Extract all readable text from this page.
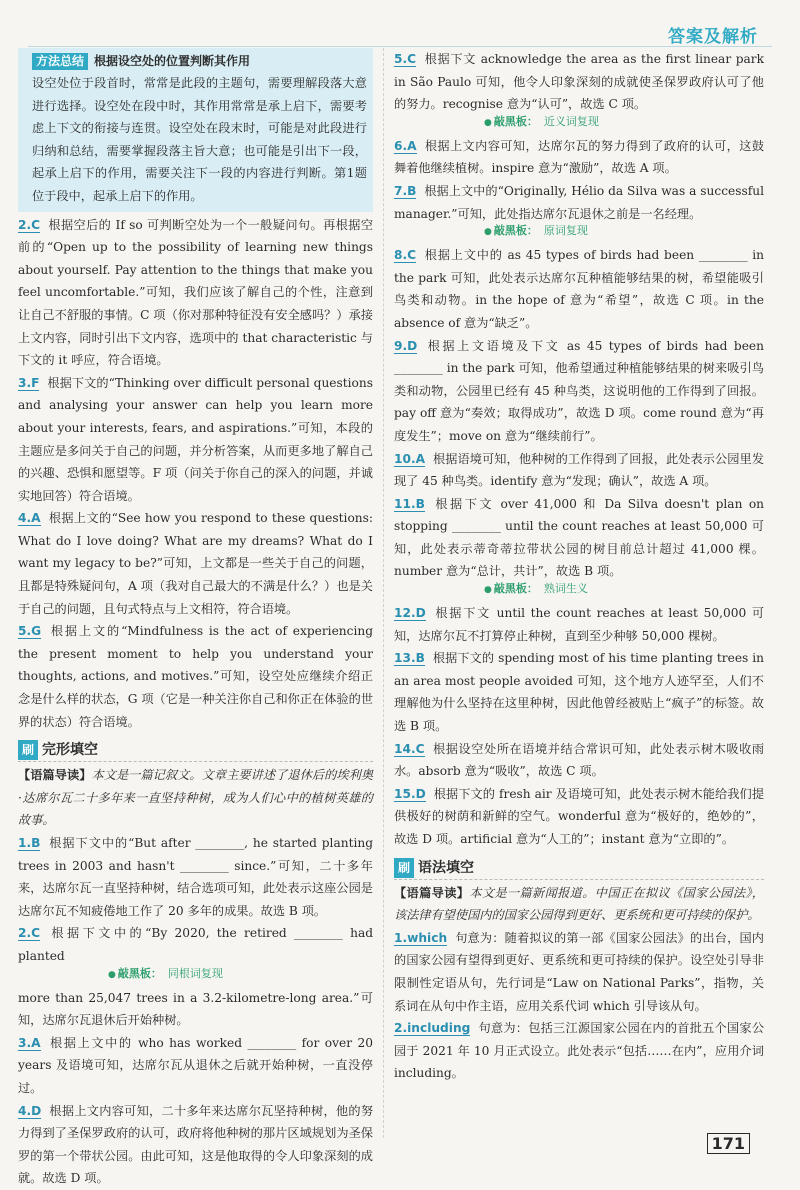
答案及解析
方法总结 根据设空处的位置判断其作用

设空处位于段首时，常常是此段的主题句，需要理解段落大意进行选择。设空处在段中时，其作用常常是承上启下，需要考虑上下文的衔接与连贯。设空处在段末时，可能是对此段进行归纳和总结，需要掌握段落主旨大意；也可能是引出下一段，起承上启下的作用，需要关注下一段的内容进行判断。第1题位于段中，起承上启下的作用。

2.C 根据空后的 If so 可判断空处为一个一般疑问句。再根据空前的“Open up to the possibility of learning new things about yourself. Pay attention to the things that make you feel uncomfortable.”可知，我们应该了解自己的个性，注意到让自己不舒服的事情。C 项（你对那种特征没有安全感吗？）承接上文内容，同时引出下文内容，选项中的 that characteristic 与下文的 it 呼应，符合语境。

3.F 根据下文的“Thinking over difficult personal questions and analysing your answer can help you learn more about your interests, fears, and aspirations.”可知，本段的主题应是多问关于自己的问题，并分析答案，从而更多地了解自己的兴趣、恐惧和愿望等。F 项（问关于你自己的深入的问题，并诚实地回答）符合语境。

4.A 根据上文的“See how you respond to these questions: What do I love doing? What are my dreams? What do I want my legacy to be?”可知，上文都是一些关于自己的问题，且都是特殊疑问句，A 项（我对自己最大的不满是什么？）也是关于自己的问题，且句式特点与上文相符，符合语境。

5.G 根据上文的“Mindfulness is the act of experiencing the present moment to help you understand your thoughts, actions, and motives.”可知，设空处应继续介绍正念是什么样的状态，G 项（它是一种关注你自己和你正在体验的世界的状态）符合语境。

刷 完形填空

【语篇导读】本文是一篇记叙文。文章主要讲述了退休后的埃利奥·达席尔瓦二十多年来一直坚持种树，成为人们心中的植树英雄的故事。

1.B 根据下文中的“But after ________, he started planting trees in 2003 and hasn't ________ since.”可知，二十多年来，达席尔瓦一直坚持种树，结合选项可知，此处表示这座公园是达席尔瓦不知疲倦地工作了 20 多年的成果。故选 B 项。

2.C 根据下文中的“By 2020, the retired ________ had planted

● 敲黑板： 同根词复现

more than 25,047 trees in a 3.2-kilometre-long area.”可知，达席尔瓦退休后开始种树。

3.A 根据上文中的 who has worked ________ for over 20 years 及语境可知，达席尔瓦从退休之后就开始种树，一直没停过。

4.D 根据上文内容可知，二十多年来达席尔瓦坚持种树，他的努力得到了圣保罗政府的认可，政府将他种树的那片区域规划为圣保罗的第一个带状公园。由此可知，这是他取得的令人印象深刻的成就。故选 D 项。

5.C 根据下文 acknowledge the area as the first linear park in São Paulo 可知，他令人印象深刻的成就使圣保罗政府认可了他的努力。recognise 意为“认可”，故选 C 项。

● 敲黑板： 近义词复现

6.A 根据上文内容可知，达席尔瓦的努力得到了政府的认可，这鼓舞着他继续植树。inspire 意为“激励”，故选 A 项。

7.B 根据上文中的“Originally, Hélio da Silva was a successful manager.”可知，此处指达席尔瓦退休之前是一名经理。

● 敲黑板： 原词复现

8.C 根据上文中的 as 45 types of birds had been ________ in the park 可知，此处表示达席尔瓦种植能够结果的树，希望能吸引鸟类和动物。in the hope of 意为“希望”，故选 C 项。in the absence of 意为“缺乏”。

9.D 根据上文语境及下文 as 45 types of birds had been ________ in the park 可知，他希望通过种植能够结果的树来吸引鸟类和动物，公园里已经有 45 种鸟类，这说明他的工作得到了回报。pay off 意为“奏效；取得成功”，故选 D 项。come round 意为“再度发生”；move on 意为“继续前行”。

10.A 根据语境可知，他种树的工作得到了回报，此处表示公园里发现了 45 种鸟类。identify 意为“发现；确认”，故选 A 项。

11.B 根据下文 over 41,000 和 Da Silva doesn't plan on stopping ________ until the count reaches at least 50,000 可知，此处表示蒂奇蒂拉带状公园的树目前总计超过 41,000 棵。number 意为“总计，共计”，故选 B 项。

● 敲黑板： 熟词生义

12.D 根据下文 until the count reaches at least 50,000 可知，达席尔瓦不打算停止种树，直到至少种够 50,000 棵树。

13.B 根据下文的 spending most of his time planting trees in an area most people avoided 可知，这个地方人迹罕至，人们不理解他为什么坚持在这里种树，因此他曾经被贴上“疯子”的标签。故选 B 项。

14.C 根据设空处所在语境并结合常识可知，此处表示树木吸收雨水。absorb 意为“吸收”，故选 C 项。

15.D 根据下文的 fresh air 及语境可知，此处表示树木能给我们提供极好的树荫和新鲜的空气。wonderful 意为“极好的，绝妙的”，故选 D 项。artificial 意为“人工的”；instant 意为“立即的”。

刷 语法填空

【语篇导读】本文是一篇新闻报道。中国正在拟议《国家公园法》，该法律有望使国内的国家公园得到更好、更系统和更可持续的保护。

1.which 句意为：随着拟议的第一部《国家公园法》的出台，国内的国家公园有望得到更好、更系统和更可持续的保护。设空处引导非限制性定语从句，先行词是“Law on National Parks”，指物，关系词在从句中作主语，应用关系代词 which 引导该从句。

2.including 句意为：包括三江源国家公园在内的首批五个国家公园于 2021 年 10 月正式设立。此处表示“包括……在内”，应用介词 including。

171
